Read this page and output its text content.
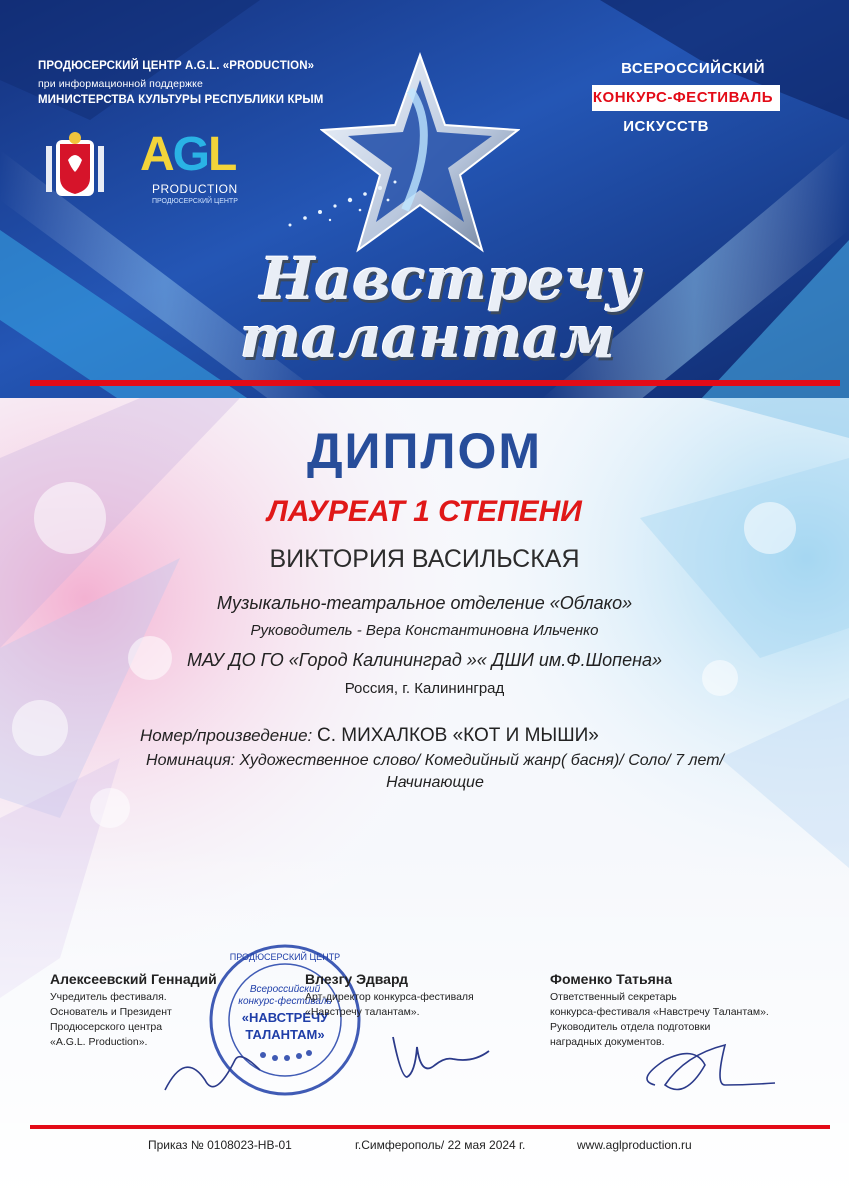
ПРОДЮСЕРСКИЙ ЦЕНТР A.G.L. «PRODUCTION»
при информационной поддержке
МИНИСТЕРСТВА КУЛЬТУРЫ РЕСПУБЛИКИ КРЫМ
ВСЕРОССИЙСКИЙ
КОНКУРС-ФЕСТИВАЛЬ
ИСКУССТВ
AGL
PRODUCTION
ПРОДЮСЕРСКИЙ ЦЕНТР
Навстречу
талантам
ДИПЛОМ
ЛАУРЕАТ 1 СТЕПЕНИ
ВИКТОРИЯ ВАСИЛЬСКАЯ
Музыкально-театральное отделение «Облако»
Руководитель - Вера Константиновна Ильченко
МАУ ДО ГО «Город Калининград »« ДШИ им.Ф.Шопена»
Россия, г. Калининград
Номер/произведение: С. МИХАЛКОВ «КОТ И МЫШИ»
Номинация: Художественное слово/ Комедийный жанр( басня)/ Соло/ 7 лет/ Начинающие
ПРОДЮСЕРСКИЙ ЦЕНТР
Всероссийский
конкурс-фестиваль
«НАВСТРЕЧУ
ТАЛАНТАМ»
Алексеевский Геннадий
Учредитель фестиваля.
Основатель и Президент
Продюсерского центра
«A.G.L. Production».
Влезгу Эдвард
Арт-директор конкурса-фестиваля
«Навстречу талантам».
Фоменко Татьяна
Ответственный секретарь
конкурса-фестиваля «Навстречу Талантам».
Руководитель отдела подготовки
наградных документов.
Приказ № 0108023-НВ-01	г.Симферополь/ 22 мая 2024 г.	www.aglproduction.ru
